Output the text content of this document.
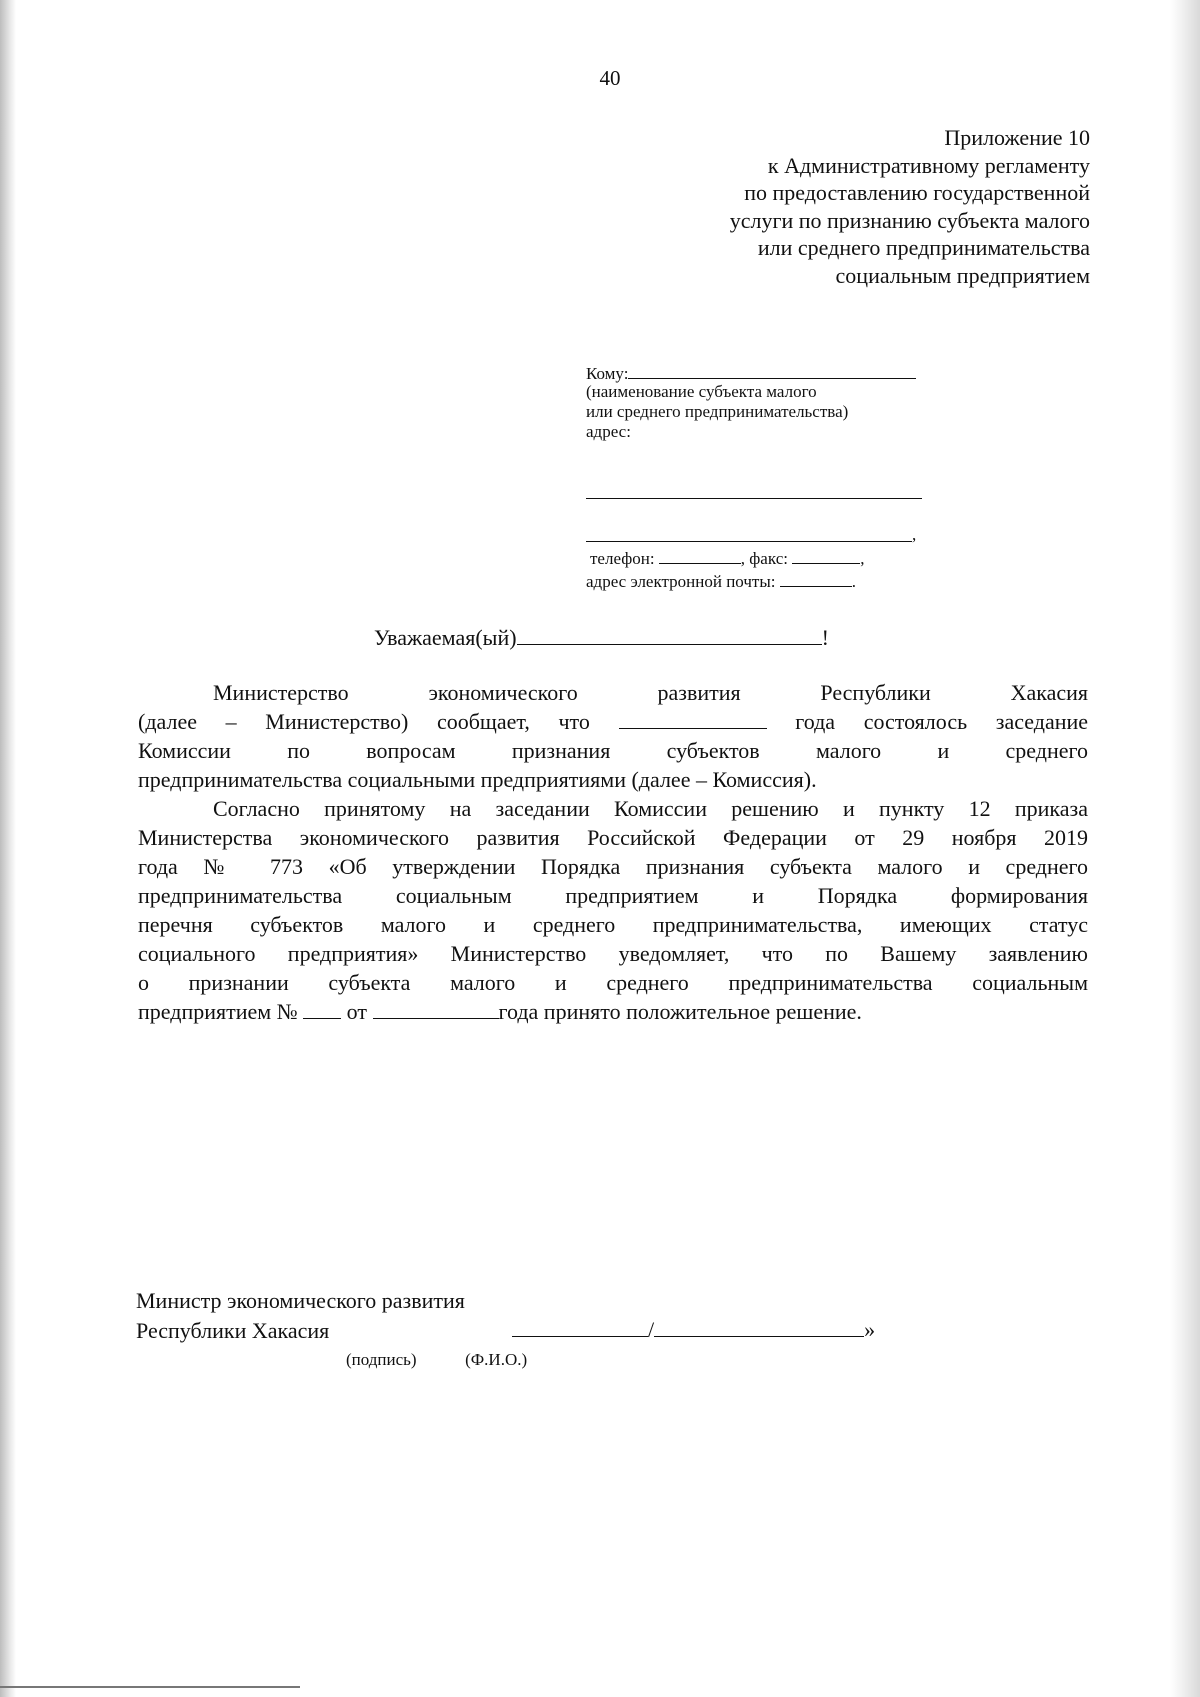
40
Приложение 10
к Административному регламенту
по предоставлению государственной
услуги по признанию субъекта малого
или среднего предпринимательства
социальным предприятием
Кому:
(наименование субъекта малого
или среднего предпринимательства)
адрес:
,
телефон:	, факс:	,
адрес электронной почты:	.
Уважаемая(ый)	!
Министерство экономического развития Республики Хакасия
(далее – Министерство) сообщает, что	года состоялось заседание
Комиссии по вопросам признания субъектов малого и среднего
предпринимательства социальными предприятиями (далее – Комиссия).
Согласно принятому на заседании Комиссии решению и пункту 12 приказа
Министерства экономического развития Российской Федерации от 29 ноября 2019
года № 773 «Об утверждении Порядка признания субъекта малого и среднего
предпринимательства социальным предприятием и Порядка формирования
перечня субъектов малого и среднего предпринимательства, имеющих статус
социального предприятия» Министерство уведомляет, что по Вашему заявлению
о признании субъекта малого и среднего предпринимательства социальным
предприятием № от	года принято положительное решение.
Министр экономического развития
Республики Хакасия	/	»
(подпись)	(Ф.И.О.)
